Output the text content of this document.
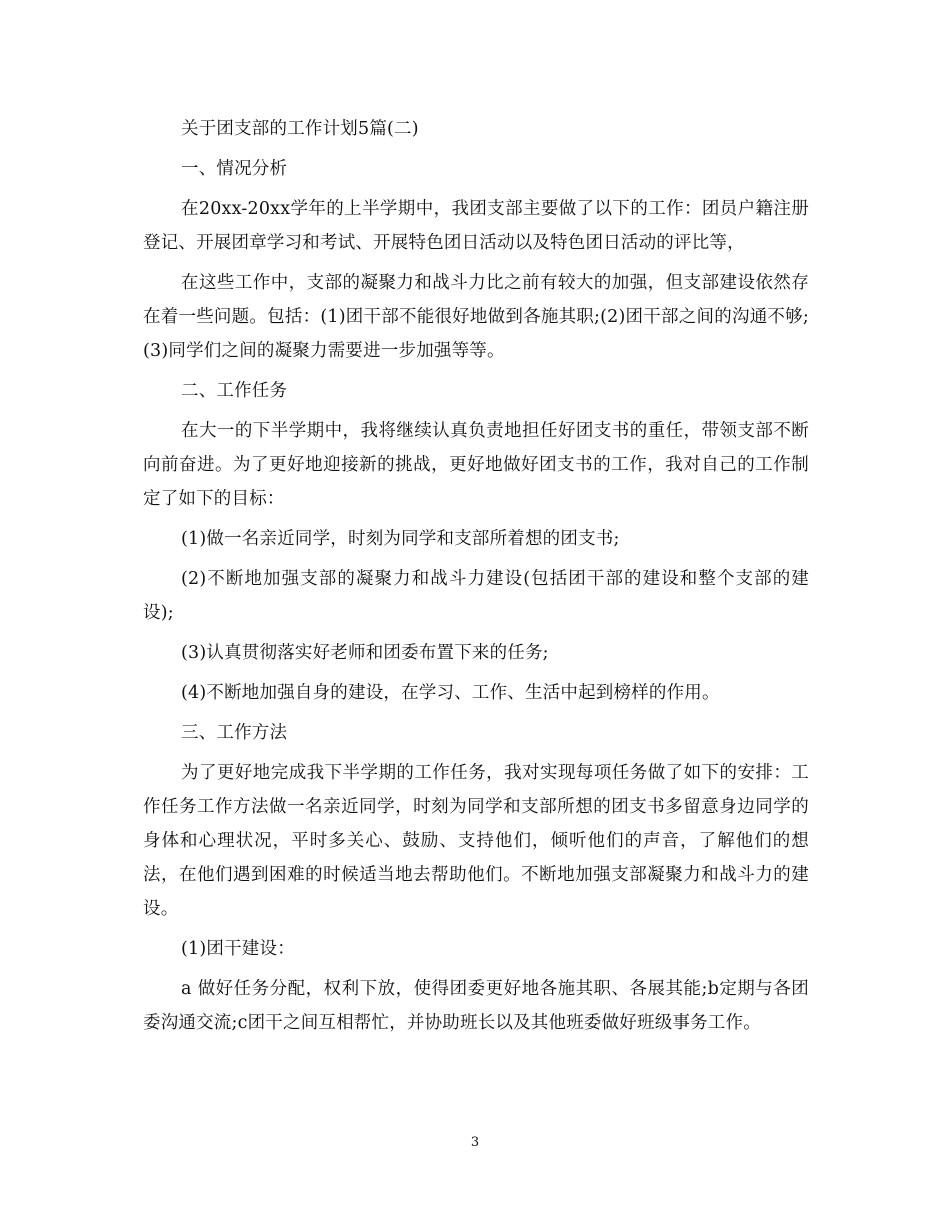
关于团支部的工作计划5篇(二)

一、情况分析

在20xx-20xx学年的上半学期中，我团支部主要做了以下的工作：团员户籍注册登记、开展团章学习和考试、开展特色团日活动以及特色团日活动的评比等，

在这些工作中，支部的凝聚力和战斗力比之前有较大的加强，但支部建设依然存在着一些问题。包括：(1)团干部不能很好地做到各施其职;(2)团干部之间的沟通不够;(3)同学们之间的凝聚力需要进一步加强等等。

二、工作任务

在大一的下半学期中，我将继续认真负责地担任好团支书的重任，带领支部不断向前奋进。为了更好地迎接新的挑战，更好地做好团支书的工作，我对自己的工作制定了如下的目标：

(1)做一名亲近同学，时刻为同学和支部所着想的团支书;

(2)不断地加强支部的凝聚力和战斗力建设(包括团干部的建设和整个支部的建设);

(3)认真贯彻落实好老师和团委布置下来的任务;

(4)不断地加强自身的建设，在学习、工作、生活中起到榜样的作用。

三、工作方法

为了更好地完成我下半学期的工作任务，我对实现每项任务做了如下的安排：工作任务工作方法做一名亲近同学，时刻为同学和支部所想的团支书多留意身边同学的身体和心理状况，平时多关心、鼓励、支持他们，倾听他们的声音，了解他们的想法，在他们遇到困难的时候适当地去帮助他们。不断地加强支部凝聚力和战斗力的建设。

(1)团干建设：

a 做好任务分配，权利下放，使得团委更好地各施其职、各展其能;b定期与各团委沟通交流;c团干之间互相帮忙，并协助班长以及其他班委做好班级事务工作。

3
